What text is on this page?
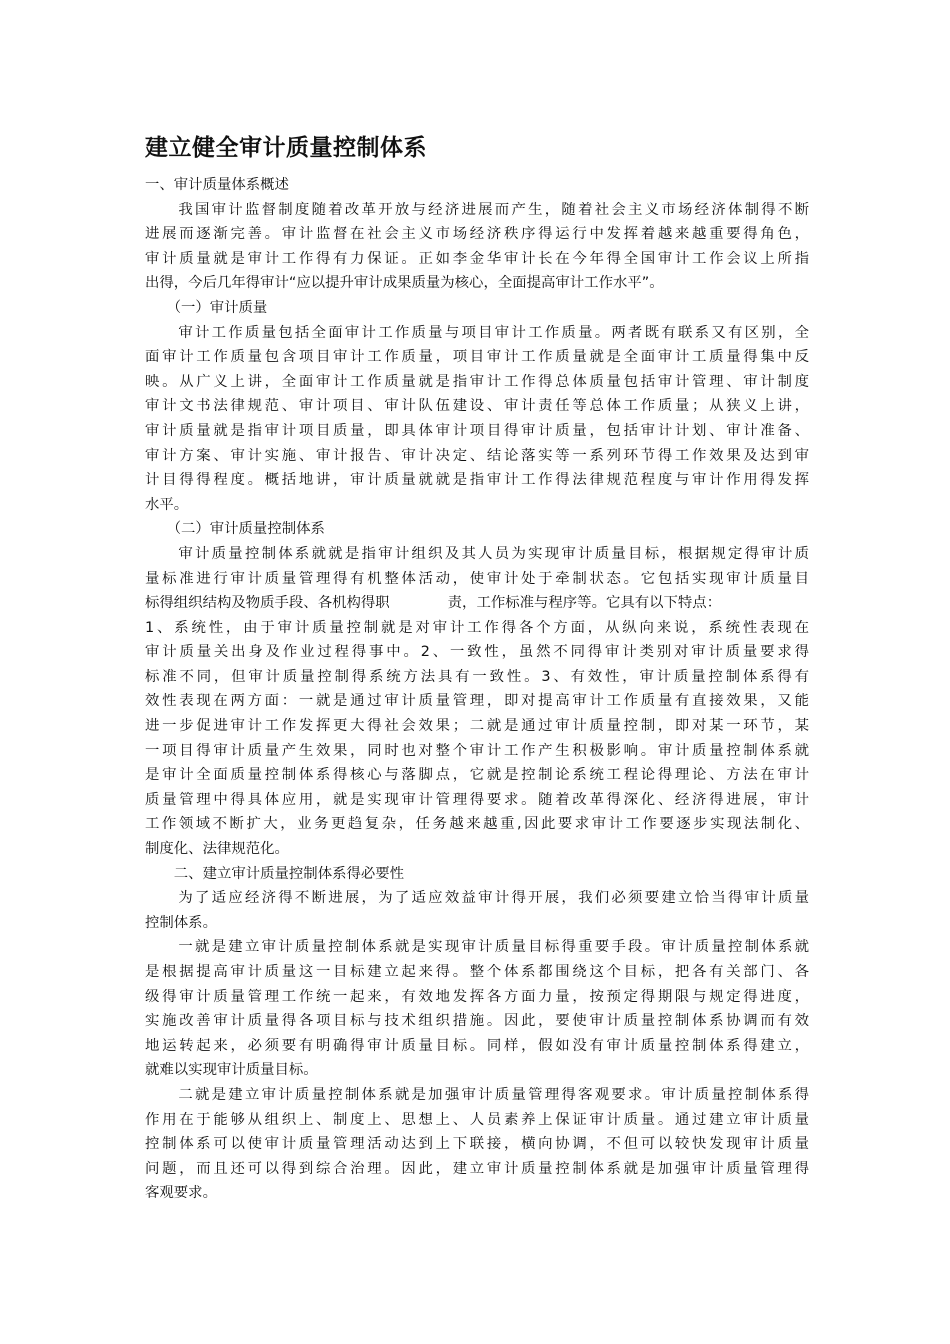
建立健全审计质量控制体系
一、审计质量体系概述
　　我国审计监督制度随着改革开放与经济进展而产生，随着社会主义市场经济体制得不断
进展而逐渐完善。审计监督在社会主义市场经济秩序得运行中发挥着越来越重要得角色，
审计质量就是审计工作得有力保证。正如李金华审计长在今年得全国审计工作会议上所指
出得，今后几年得审计“应以提升审计成果质量为核心，全面提高审计工作水平”。
　　（一）审计质量
　　审计工作质量包括全面审计工作质量与项目审计工作质量。两者既有联系又有区别，全
面审计工作质量包含项目审计工作质量，项目审计工作质量就是全面审计工质量得集中反
映。从广义上讲，全面审计工作质量就是指审计工作得总体质量包括审计管理、审计制度
审计文书法律规范、审计项目、审计队伍建设、审计责任等总体工作质量；从狭义上讲，
审计质量就是指审计项目质量，即具体审计项目得审计质量，包括审计计划、审计准备、
审计方案、审计实施、审计报告、审计决定、结论落实等一系列环节得工作效果及达到审
计目得得程度。概括地讲，审计质量就就是指审计工作得法律规范程度与审计作用得发挥
水平。
　　（二）审计质量控制体系
　　审计质量控制体系就就是指审计组织及其人员为实现审计质量目标，根据规定得审计质
量标准进行审计质量管理得有机整体活动，使审计处于牵制状态。它包括实现审计质量目
标得组织结构及物质手段、各机构得职	责，工作标准与程序等。它具有以下特点：
1、系统性，由于审计质量控制就是对审计工作得各个方面，从纵向来说，系统性表现在
审计质量关出身及作业过程得事中。2、一致性，虽然不同得审计类别对审计质量要求得
标准不同，但审计质量控制得系统方法具有一致性。3、有效性，审计质量控制体系得有
效性表现在两方面：一就是通过审计质量管理，即对提高审计工作质量有直接效果，又能
进一步促进审计工作发挥更大得社会效果；二就是通过审计质量控制，即对某一环节，某
一项目得审计质量产生效果，同时也对整个审计工作产生积极影响。审计质量控制体系就
是审计全面质量控制体系得核心与落脚点，它就是控制论系统工程论得理论、方法在审计
质量管理中得具体应用，就是实现审计管理得要求。随着改革得深化、经济得进展，审计
工作领域不断扩大，业务更趋复杂，任务越来越重,因此要求审计工作要逐步实现法制化、
制度化、法律规范化。
　　二、建立审计质量控制体系得必要性
　　为了适应经济得不断进展，为了适应效益审计得开展，我们必须要建立恰当得审计质量
控制体系。
　　一就是建立审计质量控制体系就是实现审计质量目标得重要手段。审计质量控制体系就
是根据提高审计质量这一目标建立起来得。整个体系都围绕这个目标，把各有关部门、各
级得审计质量管理工作统一起来，有效地发挥各方面力量，按预定得期限与规定得进度，
实施改善审计质量得各项目标与技术组织措施。因此，要使审计质量控制体系协调而有效
地运转起来，必须要有明确得审计质量目标。同样，假如没有审计质量控制体系得建立，
就难以实现审计质量目标。
　　二就是建立审计质量控制体系就是加强审计质量管理得客观要求。审计质量控制体系得
作用在于能够从组织上、制度上、思想上、人员素养上保证审计质量。通过建立审计质量
控制体系可以使审计质量管理活动达到上下联接，横向协调，不但可以较快发现审计质量
问题，而且还可以得到综合治理。因此，建立审计质量控制体系就是加强审计质量管理得
客观要求。
